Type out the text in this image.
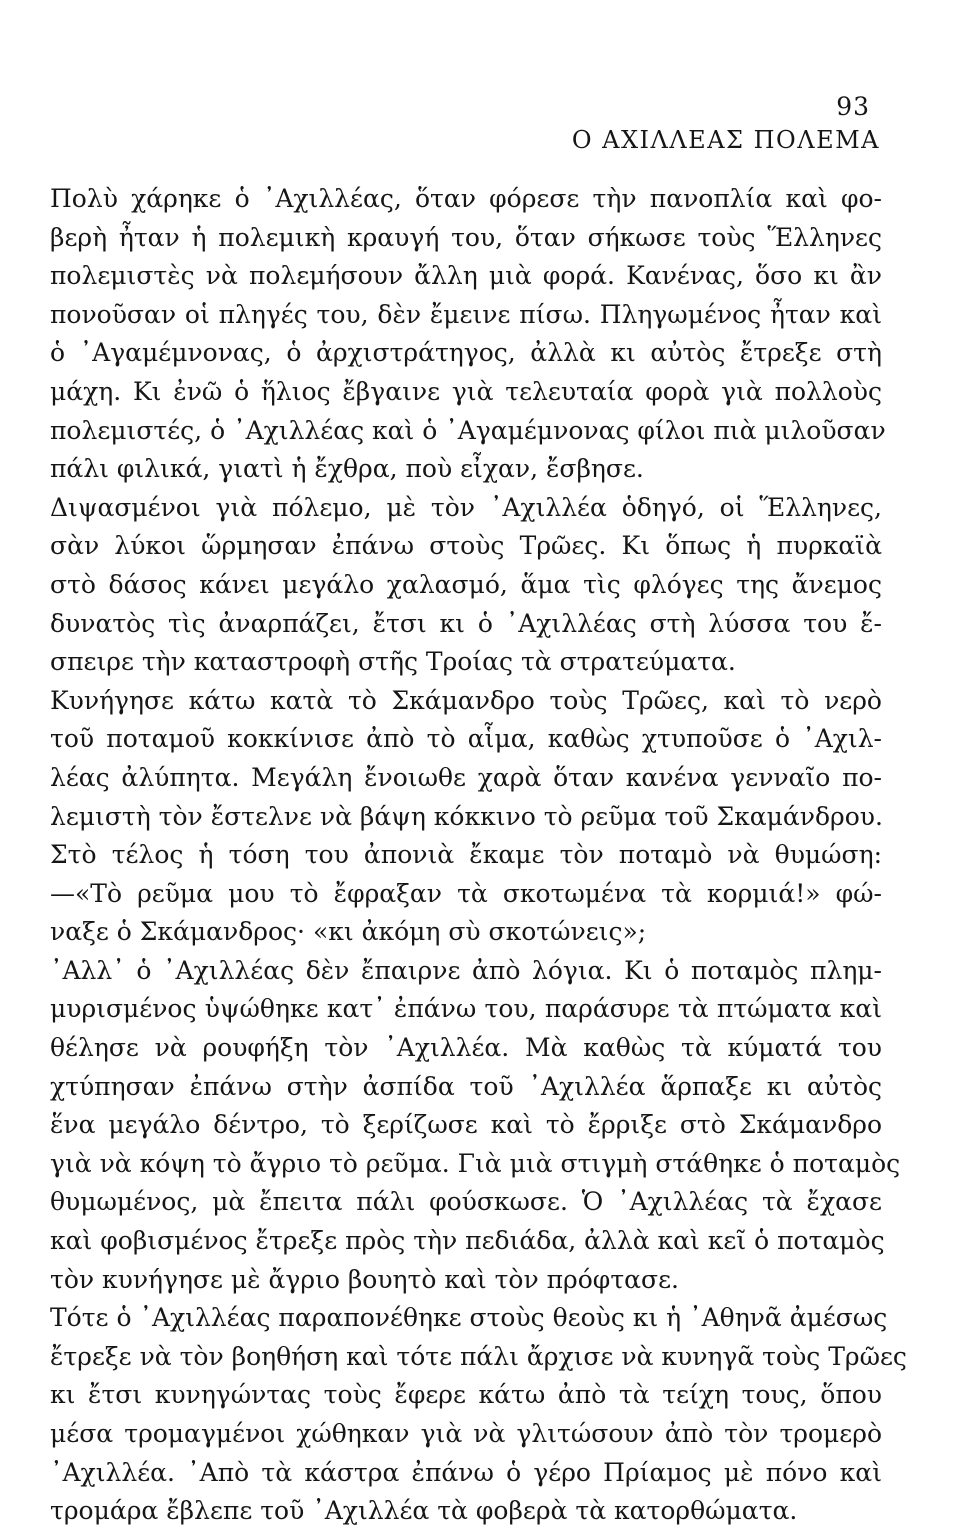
93
Ο ΑΧΙΛΛΕΑΣ ΠΟΛΕΜΑ
Πολὺ χάρηκε ὁ ᾿Αχιλλέας, ὅταν φόρεσε τὴν πανοπλία καὶ φο-
βερὴ ἦταν ἡ πολεμικὴ κραυγή του, ὅταν σήκωσε τοὺς Ἕλληνες
πολεμιστὲς νὰ πολεμήσουν ἄλλη μιὰ φορά. Κανένας, ὅσο κι ἂν
πονοῦσαν οἱ πληγές του, δὲν ἔμεινε πίσω. Πληγωμένος ἦταν καὶ
ὁ ᾿Αγαμέμνονας, ὁ ἀρχιστράτηγος, ἀλλὰ κι αὐτὸς ἔτρεξε στὴ
μάχη. Κι ἐνῶ ὁ ἥλιος ἔβγαινε γιὰ τελευταία φορὰ γιὰ πολλοὺς
πολεμιστές, ὁ ᾿Αχιλλέας καὶ ὁ ᾿Αγαμέμνονας φίλοι πιὰ μιλοῦσαν
πάλι φιλικά, γιατὶ ἡ ἔχθρα, ποὺ εἶχαν, ἔσβησε.
Διψασμένοι γιὰ πόλεμο, μὲ τὸν ᾿Αχιλλέα ὁδηγό, οἱ Ἕλληνες,
σὰν λύκοι ὥρμησαν ἐπάνω στοὺς Τρῶες. Κι ὅπως ἡ πυρκαϊὰ
στὸ δάσος κάνει μεγάλο χαλασμό, ἅμα τὶς φλόγες της ἄνεμος
δυνατὸς τὶς ἀναρπάζει, ἔτσι κι ὁ ᾿Αχιλλέας στὴ λύσσα του ἔ-
σπειρε τὴν καταστροφὴ στῆς Τροίας τὰ στρατεύματα.
Κυνήγησε κάτω κατὰ τὸ Σκάμανδρο τοὺς Τρῶες, καὶ τὸ νερὸ
τοῦ ποταμοῦ κοκκίνισε ἀπὸ τὸ αἷμα, καθὼς χτυποῦσε ὁ ᾿Αχιλ-
λέας ἀλύπητα. Μεγάλη ἔνοιωθε χαρὰ ὅταν κανένα γενναῖο πο-
λεμιστὴ τὸν ἔστελνε νὰ βάψη κόκκινο τὸ ρεῦμα τοῦ Σκαμάνδρου.
Στὸ τέλος ἡ τόση του ἀπονιὰ ἔκαμε τὸν ποταμὸ νὰ θυμώση:
—«Τὸ ρεῦμα μου τὸ ἔφραξαν τὰ σκοτωμένα τὰ κορμιά!» φώ-
ναξε ὁ Σκάμανδρος· «κι ἀκόμη σὺ σκοτώνεις»;
᾿Αλλ᾿ ὁ ᾿Αχιλλέας δὲν ἔπαιρνε ἀπὸ λόγια. Κι ὁ ποταμὸς πλημ-
μυρισμένος ὑψώθηκε κατ᾿ ἐπάνω του, παράσυρε τὰ πτώματα καὶ
θέλησε νὰ ρουφήξη τὸν ᾿Αχιλλέα. Μὰ καθὼς τὰ κύματά του
χτύπησαν ἐπάνω στὴν ἀσπίδα τοῦ ᾿Αχιλλέα ἅρπαξε κι αὐτὸς
ἕνα μεγάλο δέντρο, τὸ ξερίζωσε καὶ τὸ ἔρριξε στὸ Σκάμανδρο
γιὰ νὰ κόψη τὸ ἄγριο τὸ ρεῦμα. Γιὰ μιὰ στιγμὴ στάθηκε ὁ ποταμὸς
θυμωμένος, μὰ ἔπειτα πάλι φούσκωσε. Ὁ ᾿Αχιλλέας τὰ ἔχασε
καὶ φοβισμένος ἔτρεξε πρὸς τὴν πεδιάδα, ἀλλὰ καὶ κεῖ ὁ ποταμὸς
τὸν κυνήγησε μὲ ἄγριο βουητὸ καὶ τὸν πρόφτασε.
Τότε ὁ ᾿Αχιλλέας παραπονέθηκε στοὺς θεοὺς κι ἡ ᾿Αθηνᾶ ἀμέσως
ἔτρεξε νὰ τὸν βοηθήση καὶ τότε πάλι ἄρχισε νὰ κυνηγᾶ τοὺς Τρῶες
κι ἔτσι κυνηγώντας τοὺς ἔφερε κάτω ἀπὸ τὰ τείχη τους, ὅπου
μέσα τρομαγμένοι χώθηκαν γιὰ νὰ γλιτώσουν ἀπὸ τὸν τρομερὸ
᾿Αχιλλέα. ᾿Απὸ τὰ κάστρα ἐπάνω ὁ γέρο Πρίαμος μὲ πόνο καὶ
τρομάρα ἔβλεπε τοῦ ᾿Αχιλλέα τὰ φοβερὰ τὰ κατορθώματα.
